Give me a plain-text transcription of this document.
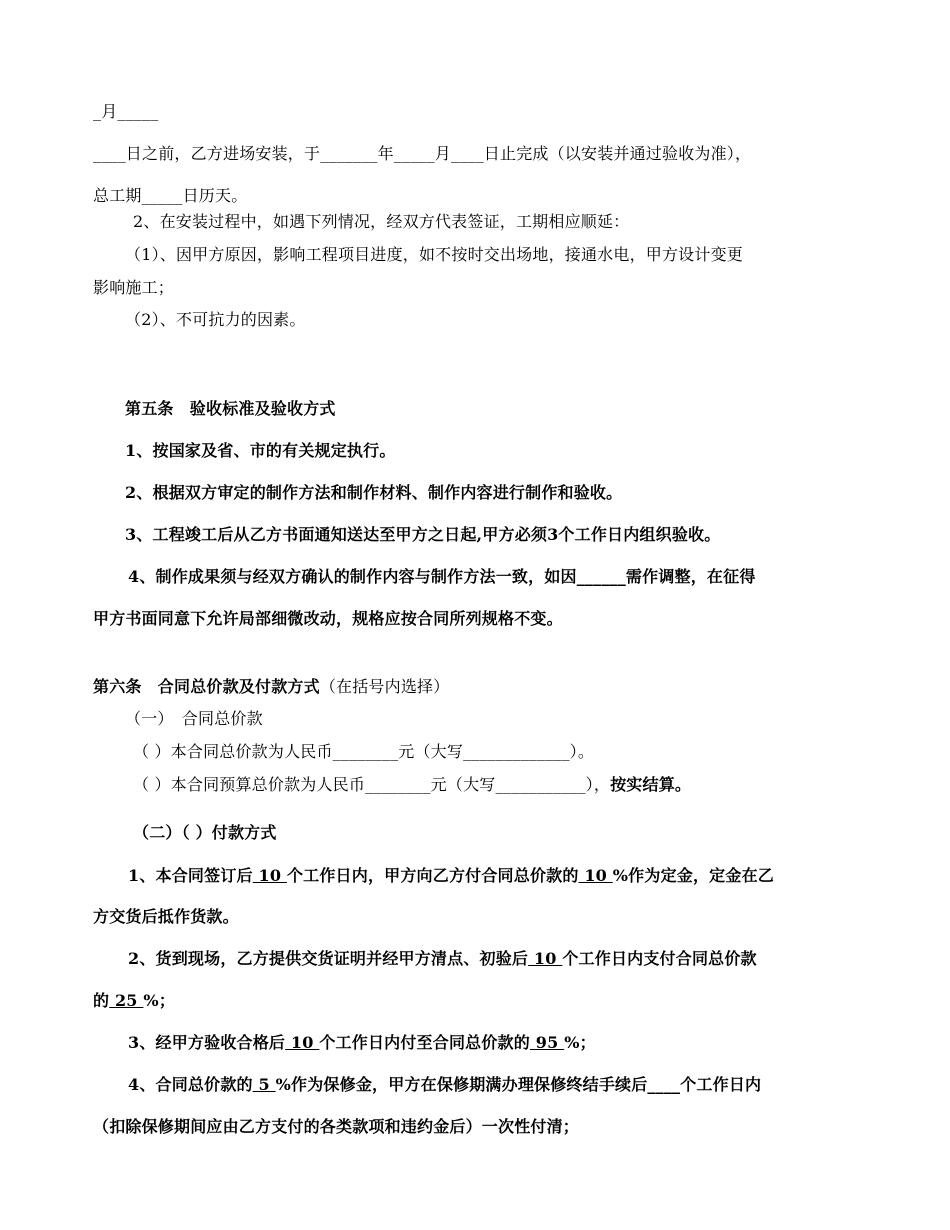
_月_____
____日之前，乙方进场安装，于_______年_____月____日止完成（以安装并通过验收为准），
总工期_____日历天。
2、在安装过程中，如遇下列情况，经双方代表签证，工期相应顺延：
（1）、因甲方原因，影响工程项目进度，如不按时交出场地，接通水电，甲方设计变更
影响施工；
（2）、不可抗力的因素。
第五条　验收标准及验收方式
1、按国家及省、市的有关规定执行。
2、根据双方审定的制作方法和制作材料、制作内容进行制作和验收。
3、工程竣工后从乙方书面通知送达至甲方之日起,甲方必须3个工作日内组织验收。
4、制作成果须与经双方确认的制作内容与制作方法一致，如因______需作调整，在征得
甲方书面同意下允许局部细微改动，规格应按合同所列规格不变。
第六条　合同总价款及付款方式（在括号内选择）
（一）　合同总价款
（ ）本合同总价款为人民币________元（大写_____________）。
（ ）本合同预算总价款为人民币________元（大写___________），按实结算。
（二）（ ）付款方式
1、本合同签订后 10 个工作日内，甲方向乙方付合同总价款的 10 %作为定金，定金在乙
方交货后抵作货款。
2、货到现场，乙方提供交货证明并经甲方清点、初验后 10 个工作日内支付合同总价款
的 25 %；
3、经甲方验收合格后 10 个工作日内付至合同总价款的 95 %；
4、合同总价款的 5 %作为保修金，甲方在保修期满办理保修终结手续后____个工作日内
（扣除保修期间应由乙方支付的各类款项和违约金后）一次性付清；
